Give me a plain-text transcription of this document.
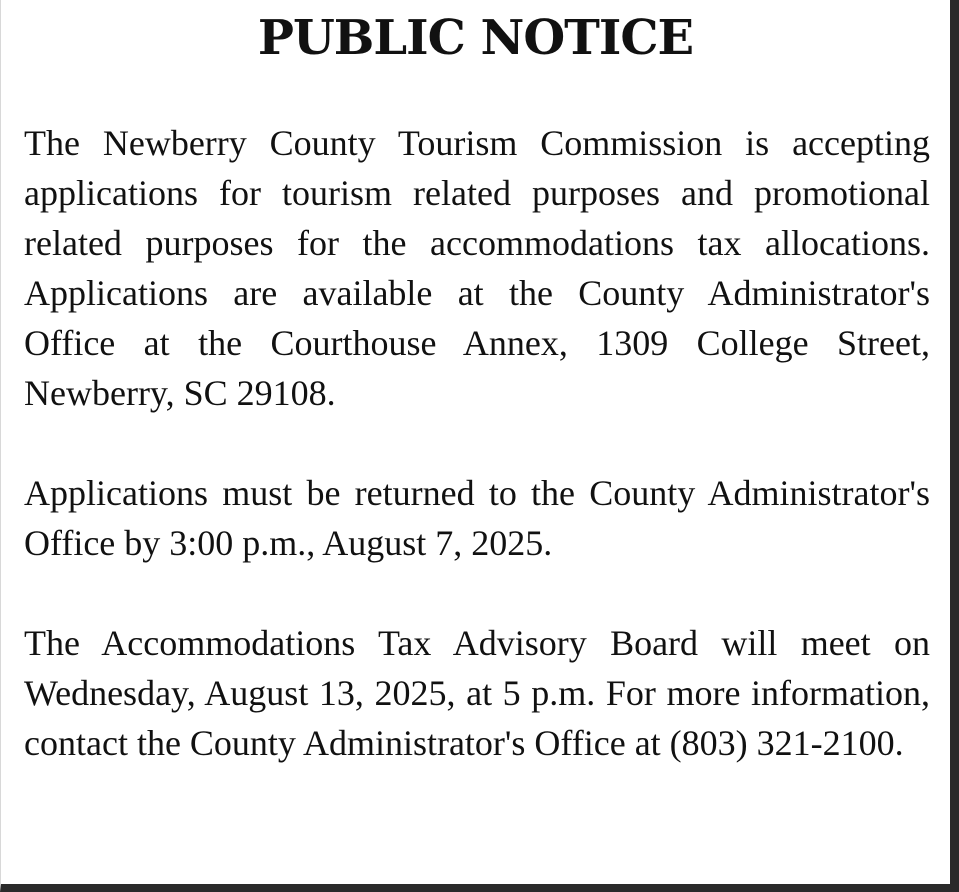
PUBLIC NOTICE

The Newberry County Tourism Commission is accepting applications for tourism related purposes and promotional related purposes for the accommodations tax allocations. Applications are available at the County Administrator's Office at the Courthouse Annex, 1309 College Street, Newberry, SC 29108.

Applications must be returned to the County Administrator's Office by 3:00 p.m., August 7, 2025.

The Accommodations Tax Advisory Board will meet on Wednesday, August 13, 2025, at 5 p.m. For more information, contact the County Administrator's Office at (803) 321-2100.
